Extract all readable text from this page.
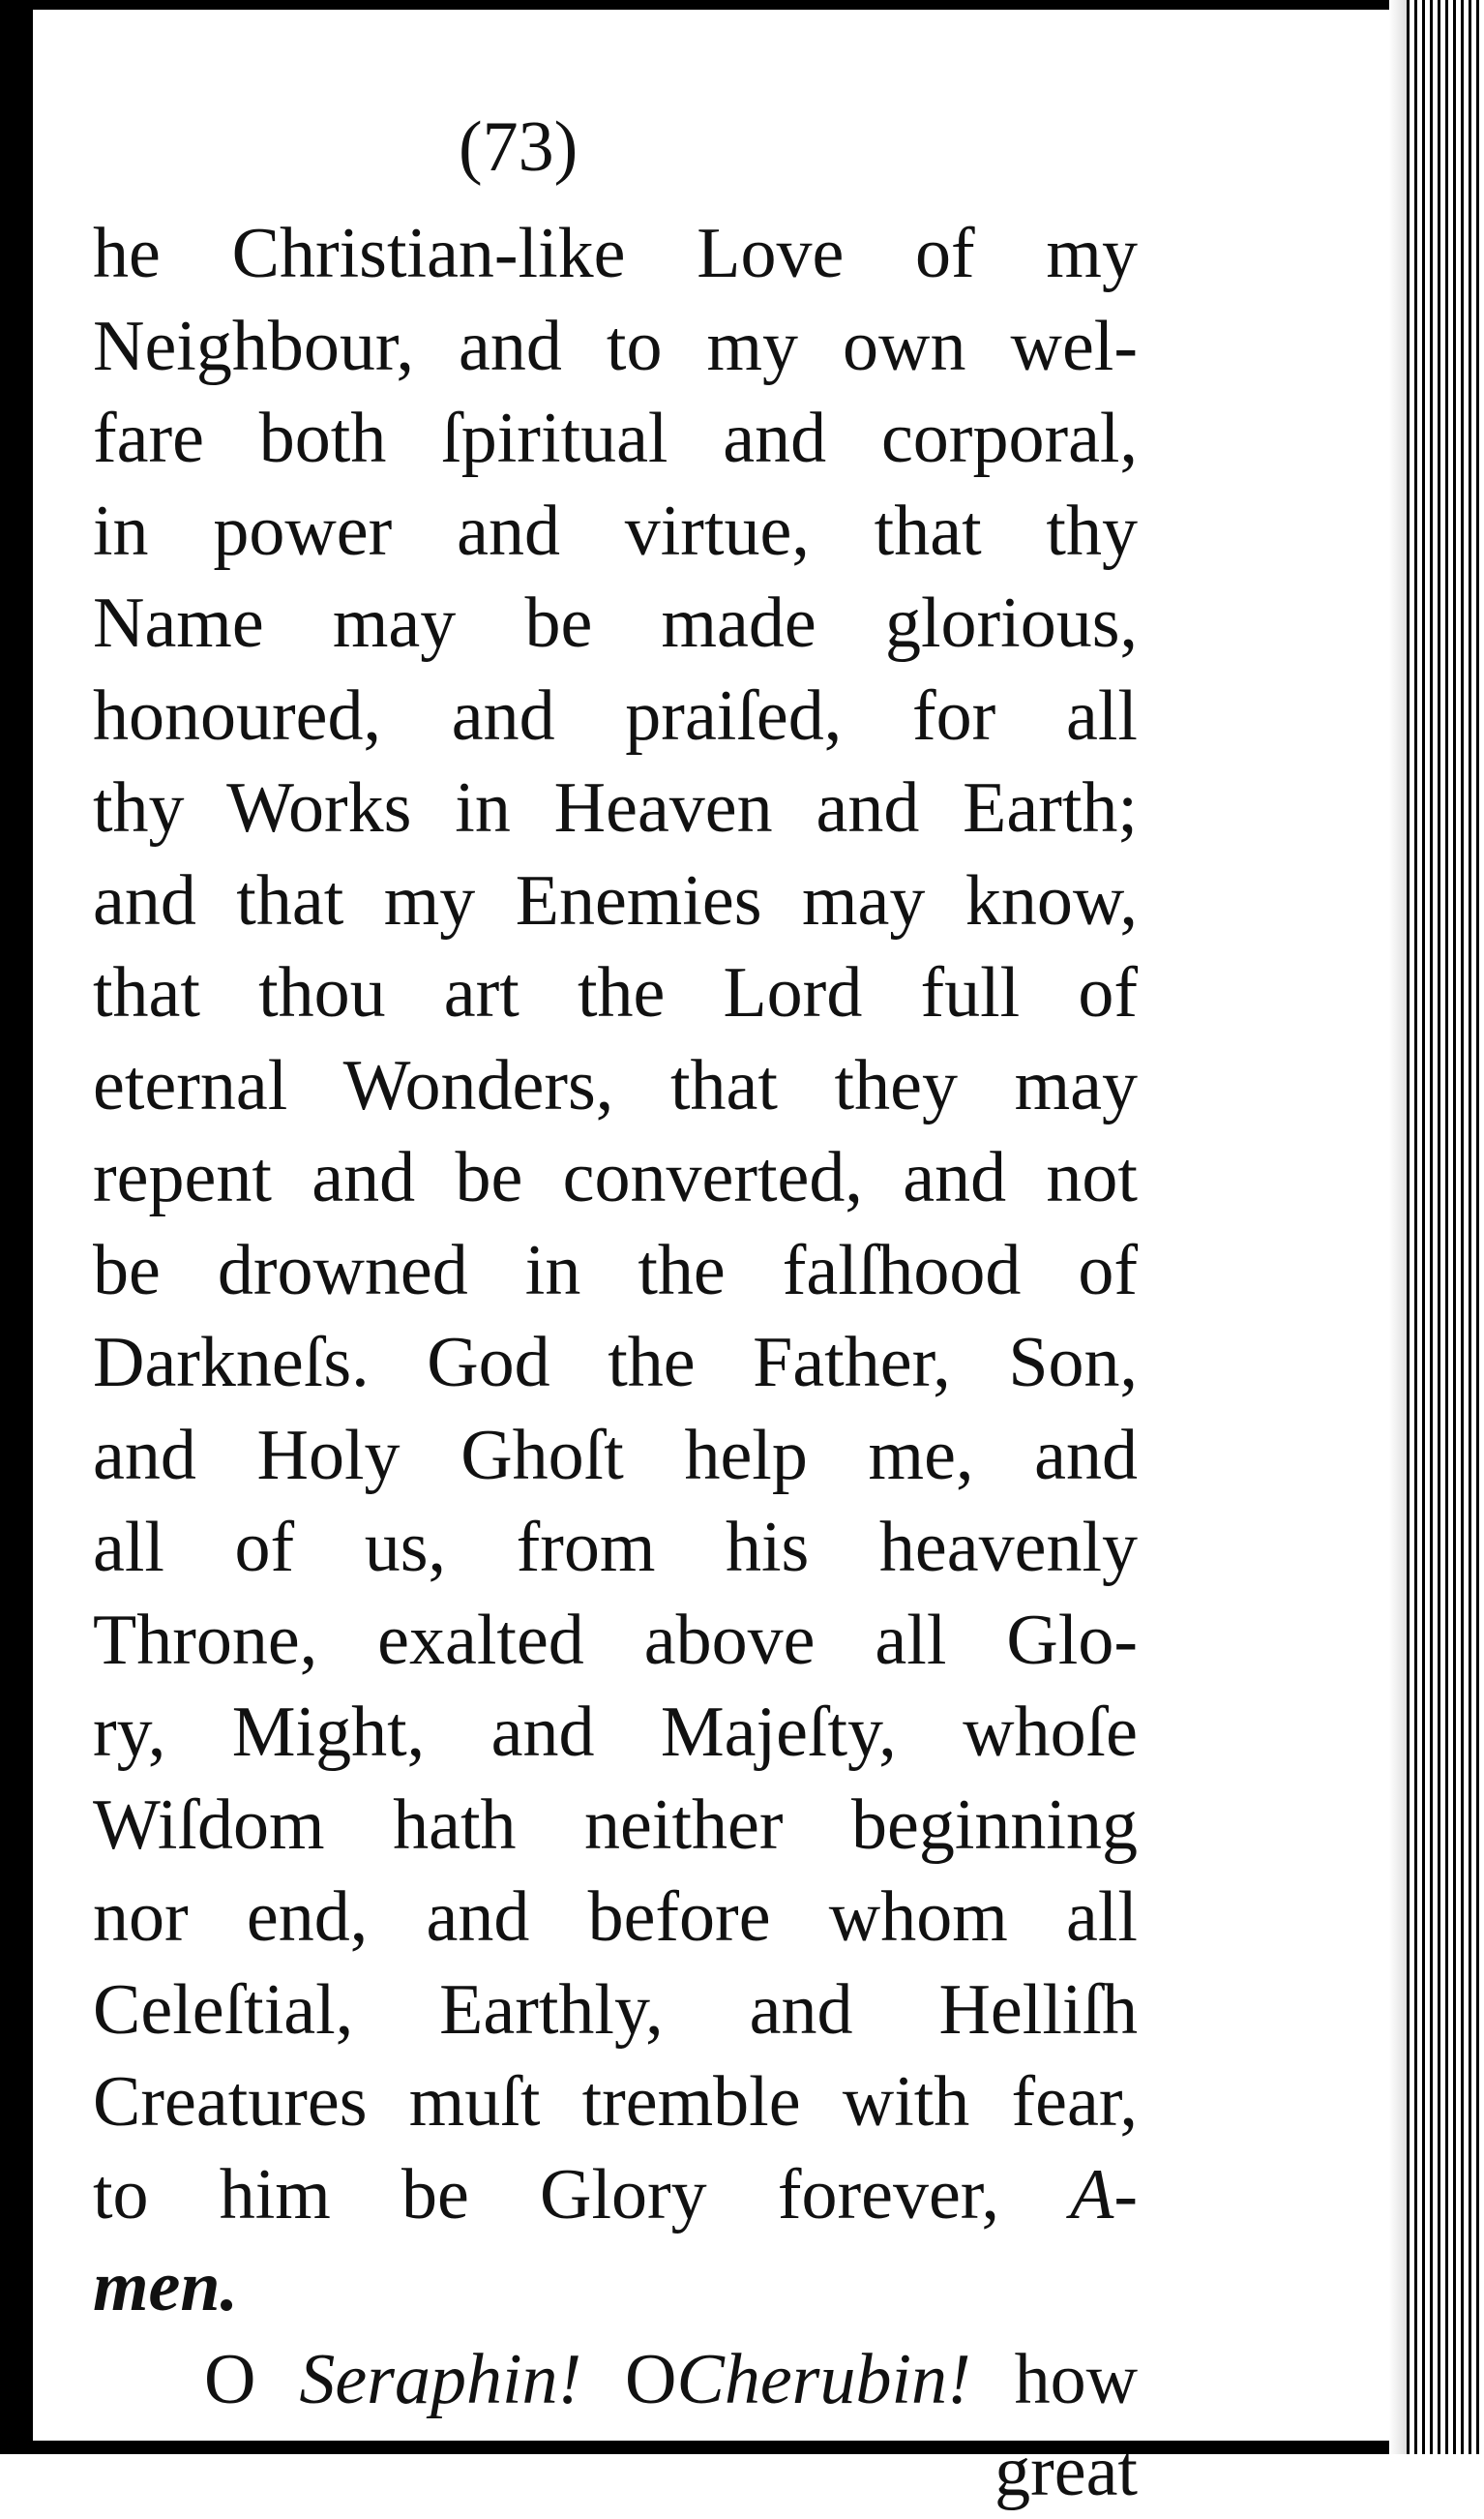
(73)
he Christian-like Love of my
Neighbour, and to my own wel-
fare both ſpiritual and corporal,
in power and virtue, that thy
Name may be made glorious,
honoured, and praiſed, for all
thy Works in Heaven and Earth;
and that my Enemies may know,
that thou art the Lord full of
eternal Wonders, that they may
repent and be converted, and not
be drowned in the falſhood of
Darkneſs. God the Father, Son,
and Holy Ghoſt help me, and
all of us, from his heavenly
Throne, exalted above all Glo-
ry, Might, and Majeſty, whoſe
Wiſdom hath neither beginning
nor end, and before whom all
Celeſtial, Earthly, and Helliſh
Creatures muſt tremble with fear,
to him be Glory forever, A-
men.
O Seraphin! OCherubin! how
great
